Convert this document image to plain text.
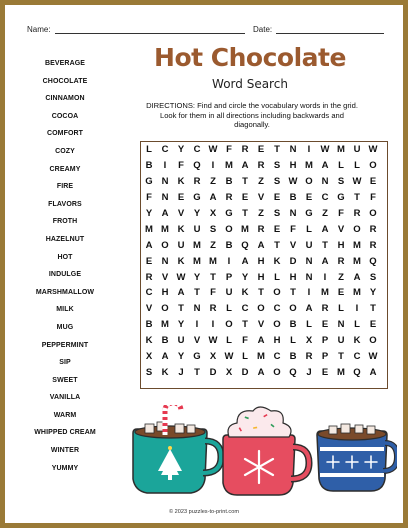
Name:	Date:
BEVERAGE
CHOCOLATE
CINNAMON
COCOA
COMFORT
COZY
CREAMY
FIRE
FLAVORS
FROTH
HAZELNUT
HOT
INDULGE
MARSHMALLOW
MILK
MUG
PEPPERMINT
SIP
SWEET
VANILLA
WARM
WHIPPED CREAM
WINTER
YUMMY
Hot Chocolate
Word Search
DIRECTIONS: Find and circle the vocabulary words in the grid. Look for them in all directions including backwards and diagonally.
L	C Y C W F	R E	T	N	I	W M U W
B	I	F Q	I	M A R S H M A	L	L O
G N K R	Z	B	T	Z	S W O N S W E
F	N E G A R E	V	E B E C G T	F
Y A V	Y	X G T	Z	S N G Z	F	R O
M M K U S O M R E	F	L	A V O R
A O U M Z	B Q A	T	V U	T	H M R
E N K M M	I	A H K D N A R M Q
R V W Y	T	P	Y H	L	H N	I	Z	A S
C H A	T	F	U K	T O T	I	M E M Y
V O T	N R	L	C O C O A R	L	I	T
B M Y	I	I	O T	V O B	L	E N	L	E
K B U V W L	F	A H	L	X	P U K O
X A Y G X W L M C B R P	T	C W
S K	J	T	D X D A O Q	J	E M Q A
© 2023 puzzles-to-print.com
